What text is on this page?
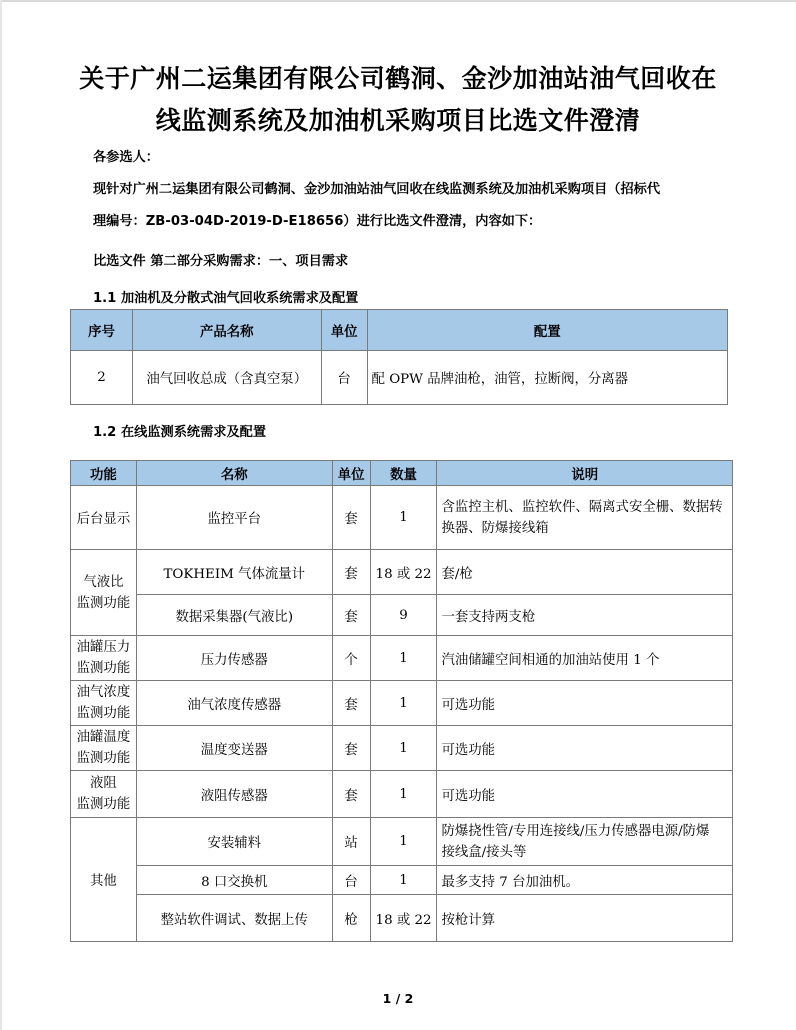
关于广州二运集团有限公司鹤洞、金沙加油站油气回收在
线监测系统及加油机采购项目比选文件澄清
各参选人：
现针对广州二运集团有限公司鹤洞、金沙加油站油气回收在线监测系统及加油机采购项目（招标代
理编号：ZB-03-04D-2019-D-E18656）进行比选文件澄清，内容如下：
比选文件 第二部分采购需求：一、项目需求
1.1 加油机及分散式油气回收系统需求及配置
序号	产品名称	单位	配置
2	油气回收总成（含真空泵）	台	配 OPW 品牌油枪，油管，拉断阀，分离器
1.2 在线监测系统需求及配置
功能	名称	单位	数量	说明
后台显示	监控平台	套	1	含监控主机、监控软件、隔离式安全栅、数据转
换器、防爆接线箱
气液比
监测功能	TOKHEIM 气体流量计	套	18 或 22	套/枪
	数据采集器(气液比)	套	9	一套支持两支枪
油罐压力
监测功能	压力传感器	个	1	汽油储罐空间相通的加油站使用 1 个
油气浓度
监测功能	油气浓度传感器	套	1	可选功能
油罐温度
监测功能	温度变送器	套	1	可选功能
液阻
监测功能	液阻传感器	套	1	可选功能
其他	安装辅料	站	1	防爆挠性管/专用连接线/压力传感器电源/防爆
接线盒/接头等
	8 口交换机	台	1	最多支持 7 台加油机。
	整站软件调试、数据上传	枪	18 或 22	按枪计算
1 / 2
